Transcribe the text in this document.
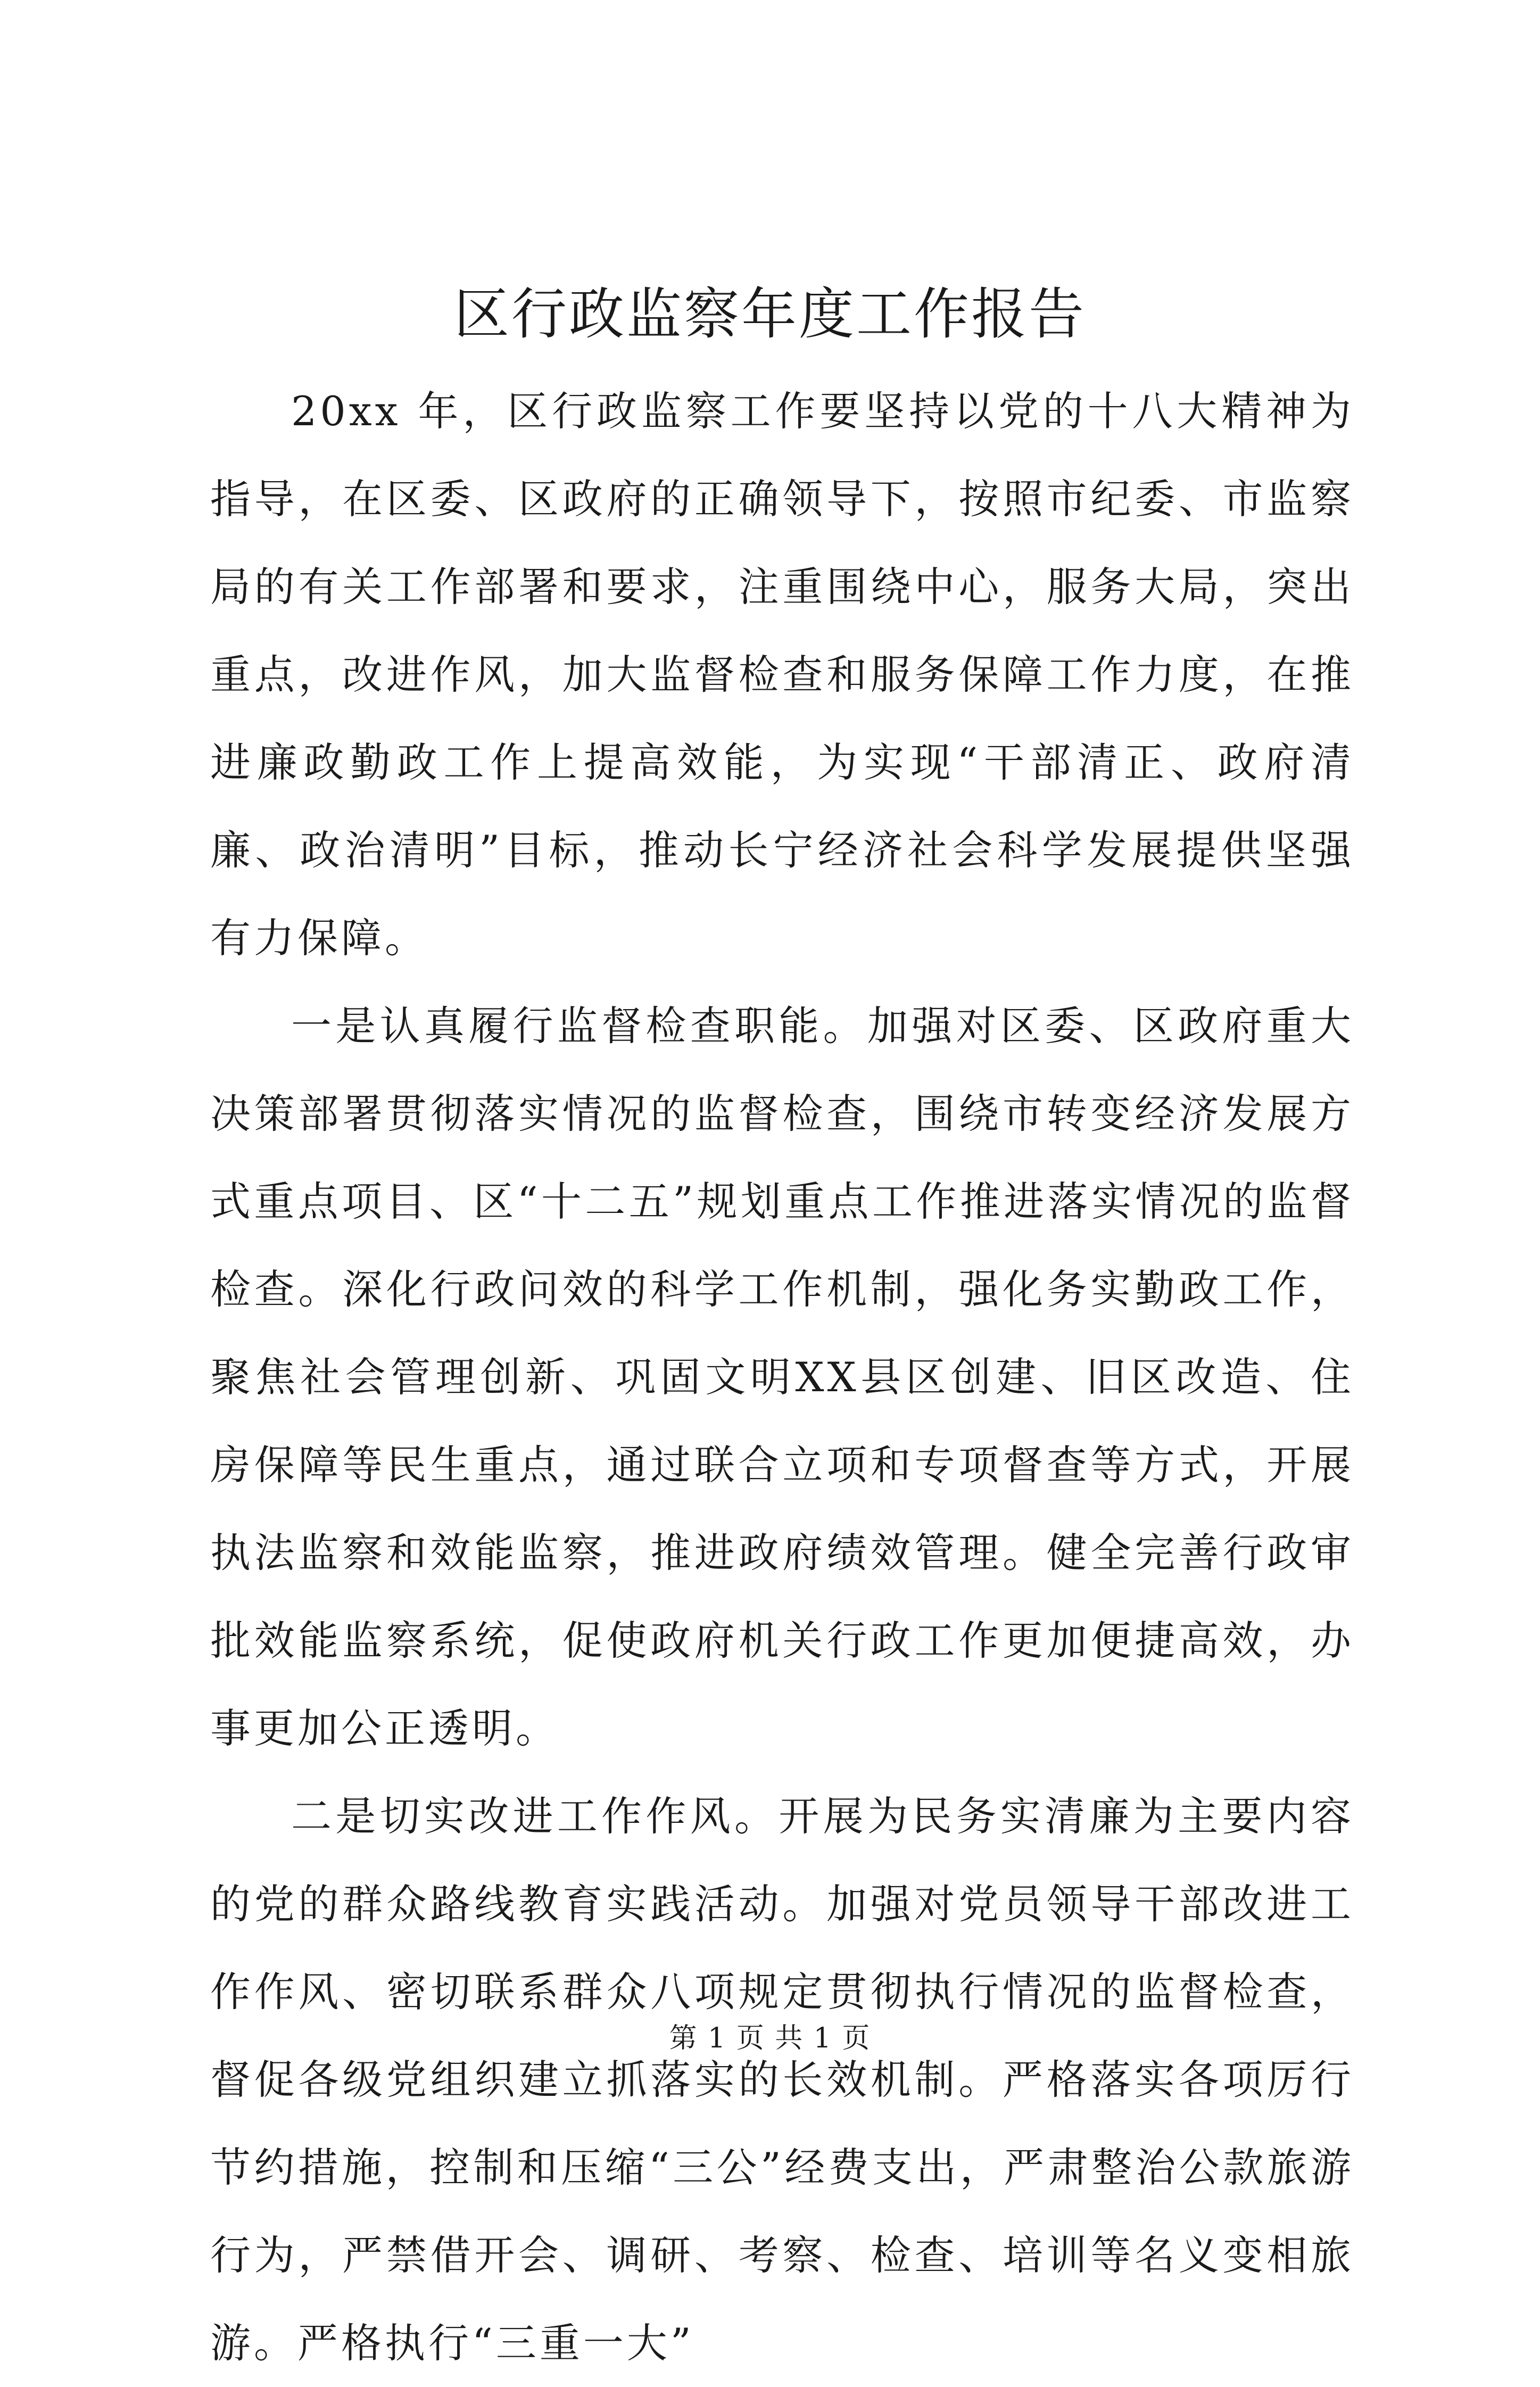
区行政监察年度工作报告

20xx 年，区行政监察工作要坚持以党的十八大精神为指导，在区委、区政府的正确领导下，按照市纪委、市监察局的有关工作部署和要求，注重围绕中心，服务大局，突出重点，改进作风，加大监督检查和服务保障工作力度，在推进廉政勤政工作上提高效能，为实现“干部清正、政府清廉、政治清明”目标，推动长宁经济社会科学发展提供坚强有力保障。

一是认真履行监督检查职能。加强对区委、区政府重大决策部署贯彻落实情况的监督检查，围绕市转变经济发展方式重点项目、区“十二五”规划重点工作推进落实情况的监督检查。深化行政问效的科学工作机制，强化务实勤政工作，聚焦社会管理创新、巩固文明XX县区创建、旧区改造、住房保障等民生重点，通过联合立项和专项督查等方式，开展执法监察和效能监察，推进政府绩效管理。健全完善行政审批效能监察系统，促使政府机关行政工作更加便捷高效，办事更加公正透明。

二是切实改进工作作风。开展为民务实清廉为主要内容的党的群众路线教育实践活动。加强对党员领导干部改进工作作风、密切联系群众八项规定贯彻执行情况的监督检查，督促各级党组织建立抓落实的长效机制。严格落实各项厉行节约措施，控制和压缩“三公”经费支出，严肃整治公款旅游行为，严禁借开会、调研、考察、检查、培训等名义变相旅游。严格执行“三重一大”

第 1 页 共 1 页
